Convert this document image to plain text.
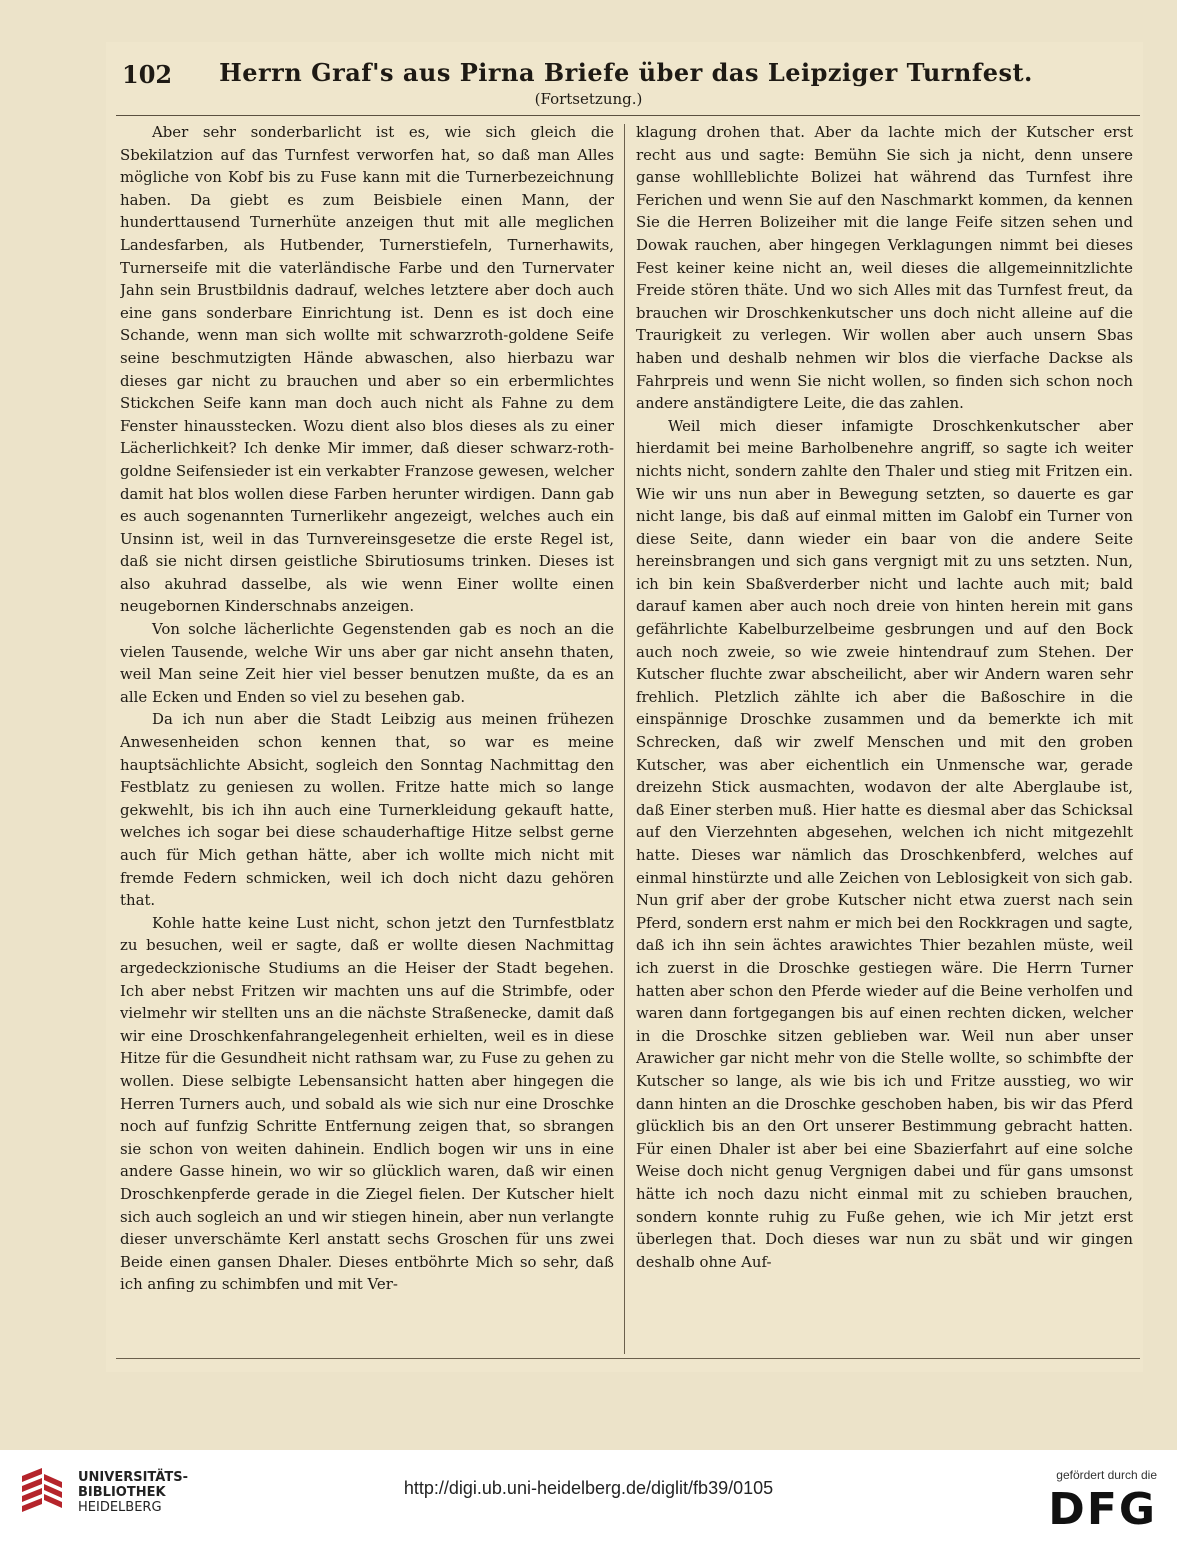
102	Herrn Graf's aus Pirna Briefe über das Leipziger Turnfest.
(Fortsetzung.)

Aber sehr sonderbarlicht ist es, wie sich gleich die Sbekilatzion auf das Turnfest verworfen hat, so daß man Alles mögliche von Kobf bis zu Fuse kann mit die Turnerbezeichnung haben. Da giebt es zum Beisbiele einen Mann, der hunderttausend Turnerhüte anzeigen thut mit alle meglichen Landesfarben, als Hutbender, Turnerstiefeln, Turnerhawits, Turnerseife mit die vaterländische Farbe und den Turnervater Jahn sein Brustbildnis dadrauf, welches letztere aber doch auch eine gans sonderbare Einrichtung ist. Denn es ist doch eine Schande, wenn man sich wollte mit schwarzroth-goldene Seife seine beschmutzigten Hände abwaschen, also hierbazu war dieses gar nicht zu brauchen und aber so ein erbermlichtes Stickchen Seife kann man doch auch nicht als Fahne zu dem Fenster hinausstecken. Wozu dient also blos dieses als zu einer Lächerlichkeit? Ich denke Mir immer, daß dieser schwarz-roth-goldne Seifensieder ist ein verkabter Franzose gewesen, welcher damit hat blos wollen diese Farben herunter wirdigen. Dann gab es auch sogenannten Turnerlikehr angezeigt, welches auch ein Unsinn ist, weil in das Turnvereinsgesetze die erste Regel ist, daß sie nicht dirsen geistliche Sbirutiosums trinken. Dieses ist also akuhrad dasselbe, als wie wenn Einer wollte einen neugebornen Kinderschnabs anzeigen.

Von solche lächerlichte Gegenstenden gab es noch an die vielen Tausende, welche Wir uns aber gar nicht ansehn thaten, weil Man seine Zeit hier viel besser benutzen mußte, da es an alle Ecken und Enden so viel zu besehen gab.

Da ich nun aber die Stadt Leibzig aus meinen frühezen Anwesenheiden schon kennen that, so war es meine hauptsächlichte Absicht, sogleich den Sonntag Nachmittag den Festblatz zu geniesen zu wollen. Fritze hatte mich so lange gekwehlt, bis ich ihn auch eine Turnerkleidung gekauft hatte, welches ich sogar bei diese schauderhaftige Hitze selbst gerne auch für Mich gethan hätte, aber ich wollte mich nicht mit fremde Federn schmicken, weil ich doch nicht dazu gehören that.

Kohle hatte keine Lust nicht, schon jetzt den Turnfestblatz zu besuchen, weil er sagte, daß er wollte diesen Nachmittag argedeckzionische Studiums an die Heiser der Stadt begehen. Ich aber nebst Fritzen wir machten uns auf die Strimbfe, oder vielmehr wir stellten uns an die nächste Straßenecke, damit daß wir eine Droschkenfahrangelegenheit erhielten, weil es in diese Hitze für die Gesundheit nicht rathsam war, zu Fuse zu gehen zu wollen. Diese selbigte Lebensansicht hatten aber hingegen die Herren Turners auch, und sobald als wie sich nur eine Droschke noch auf funfzig Schritte Entfernung zeigen that, so sbrangen sie schon von weiten dahinein. Endlich bogen wir uns in eine andere Gasse hinein, wo wir so glücklich waren, daß wir einen Droschkenpferde gerade in die Ziegel fielen. Der Kutscher hielt sich auch sogleich an und wir stiegen hinein, aber nun verlangte dieser unverschämte Kerl anstatt sechs Groschen für uns zwei Beide einen gansen Dhaler. Dieses entböhrte Mich so sehr, daß ich anfing zu schimbfen und mit Ver-

klagung drohen that. Aber da lachte mich der Kutscher erst recht aus und sagte: Bemühn Sie sich ja nicht, denn unsere ganse wohllleblichte Bolizei hat während das Turnfest ihre Ferichen und wenn Sie auf den Naschmarkt kommen, da kennen Sie die Herren Bolizeiher mit die lange Feife sitzen sehen und Dowak rauchen, aber hingegen Verklagungen nimmt bei dieses Fest keiner keine nicht an, weil dieses die allgemeinnitzlichte Freide stören thäte. Und wo sich Alles mit das Turnfest freut, da brauchen wir Droschkenkutscher uns doch nicht alleine auf die Traurigkeit zu verlegen. Wir wollen aber auch unsern Sbas haben und deshalb nehmen wir blos die vierfache Dackse als Fahrpreis und wenn Sie nicht wollen, so finden sich schon noch andere anständigtere Leite, die das zahlen.

Weil mich dieser infamigte Droschkenkutscher aber hierdamit bei meine Barholbenehre angriff, so sagte ich weiter nichts nicht, sondern zahlte den Thaler und stieg mit Fritzen ein. Wie wir uns nun aber in Bewegung setzten, so dauerte es gar nicht lange, bis daß auf einmal mitten im Galobf ein Turner von diese Seite, dann wieder ein baar von die andere Seite hereinsbrangen und sich gans vergnigt mit zu uns setzten. Nun, ich bin kein Sbaßverderber nicht und lachte auch mit; bald darauf kamen aber auch noch dreie von hinten herein mit gans gefährlichte Kabelburzelbeime gesbrungen und auf den Bock auch noch zweie, so wie zweie hintendrauf zum Stehen. Der Kutscher fluchte zwar abscheilicht, aber wir Andern waren sehr frehlich. Pletzlich zählte ich aber die Baßoschire in die einspännige Droschke zusammen und da bemerkte ich mit Schrecken, daß wir zwelf Menschen und mit den groben Kutscher, was aber eichentlich ein Unmensche war, gerade dreizehn Stick ausmachten, wodavon der alte Aberglaube ist, daß Einer sterben muß. Hier hatte es diesmal aber das Schicksal auf den Vierzehnten abgesehen, welchen ich nicht mitgezehlt hatte. Dieses war nämlich das Droschkenbferd, welches auf einmal hinstürzte und alle Zeichen von Leblosigkeit von sich gab. Nun grif aber der grobe Kutscher nicht etwa zuerst nach sein Pferd, sondern erst nahm er mich bei den Rockkragen und sagte, daß ich ihn sein ächtes arawichtes Thier bezahlen müste, weil ich zuerst in die Droschke gestiegen wäre. Die Herrn Turner hatten aber schon den Pferde wieder auf die Beine verholfen und waren dann fortgegangen bis auf einen rechten dicken, welcher in die Droschke sitzen geblieben war. Weil nun aber unser Arawicher gar nicht mehr von die Stelle wollte, so schimbfte der Kutscher so lange, als wie bis ich und Fritze ausstieg, wo wir dann hinten an die Droschke geschoben haben, bis wir das Pferd glücklich bis an den Ort unserer Bestimmung gebracht hatten. Für einen Dhaler ist aber bei eine Sbazierfahrt auf eine solche Weise doch nicht genug Vergnigen dabei und für gans umsonst hätte ich noch dazu nicht einmal mit zu schieben brauchen, sondern konnte ruhig zu Fuße gehen, wie ich Mir jetzt erst überlegen that. Doch dieses war nun zu sbät und wir gingen deshalb ohne Auf-

UNIVERSITÄTS-
BIBLIOTHEK
HEIDELBERG
http://digi.ub.uni-heidelberg.de/diglit/fb39/0105
gefördert durch die
DFG
